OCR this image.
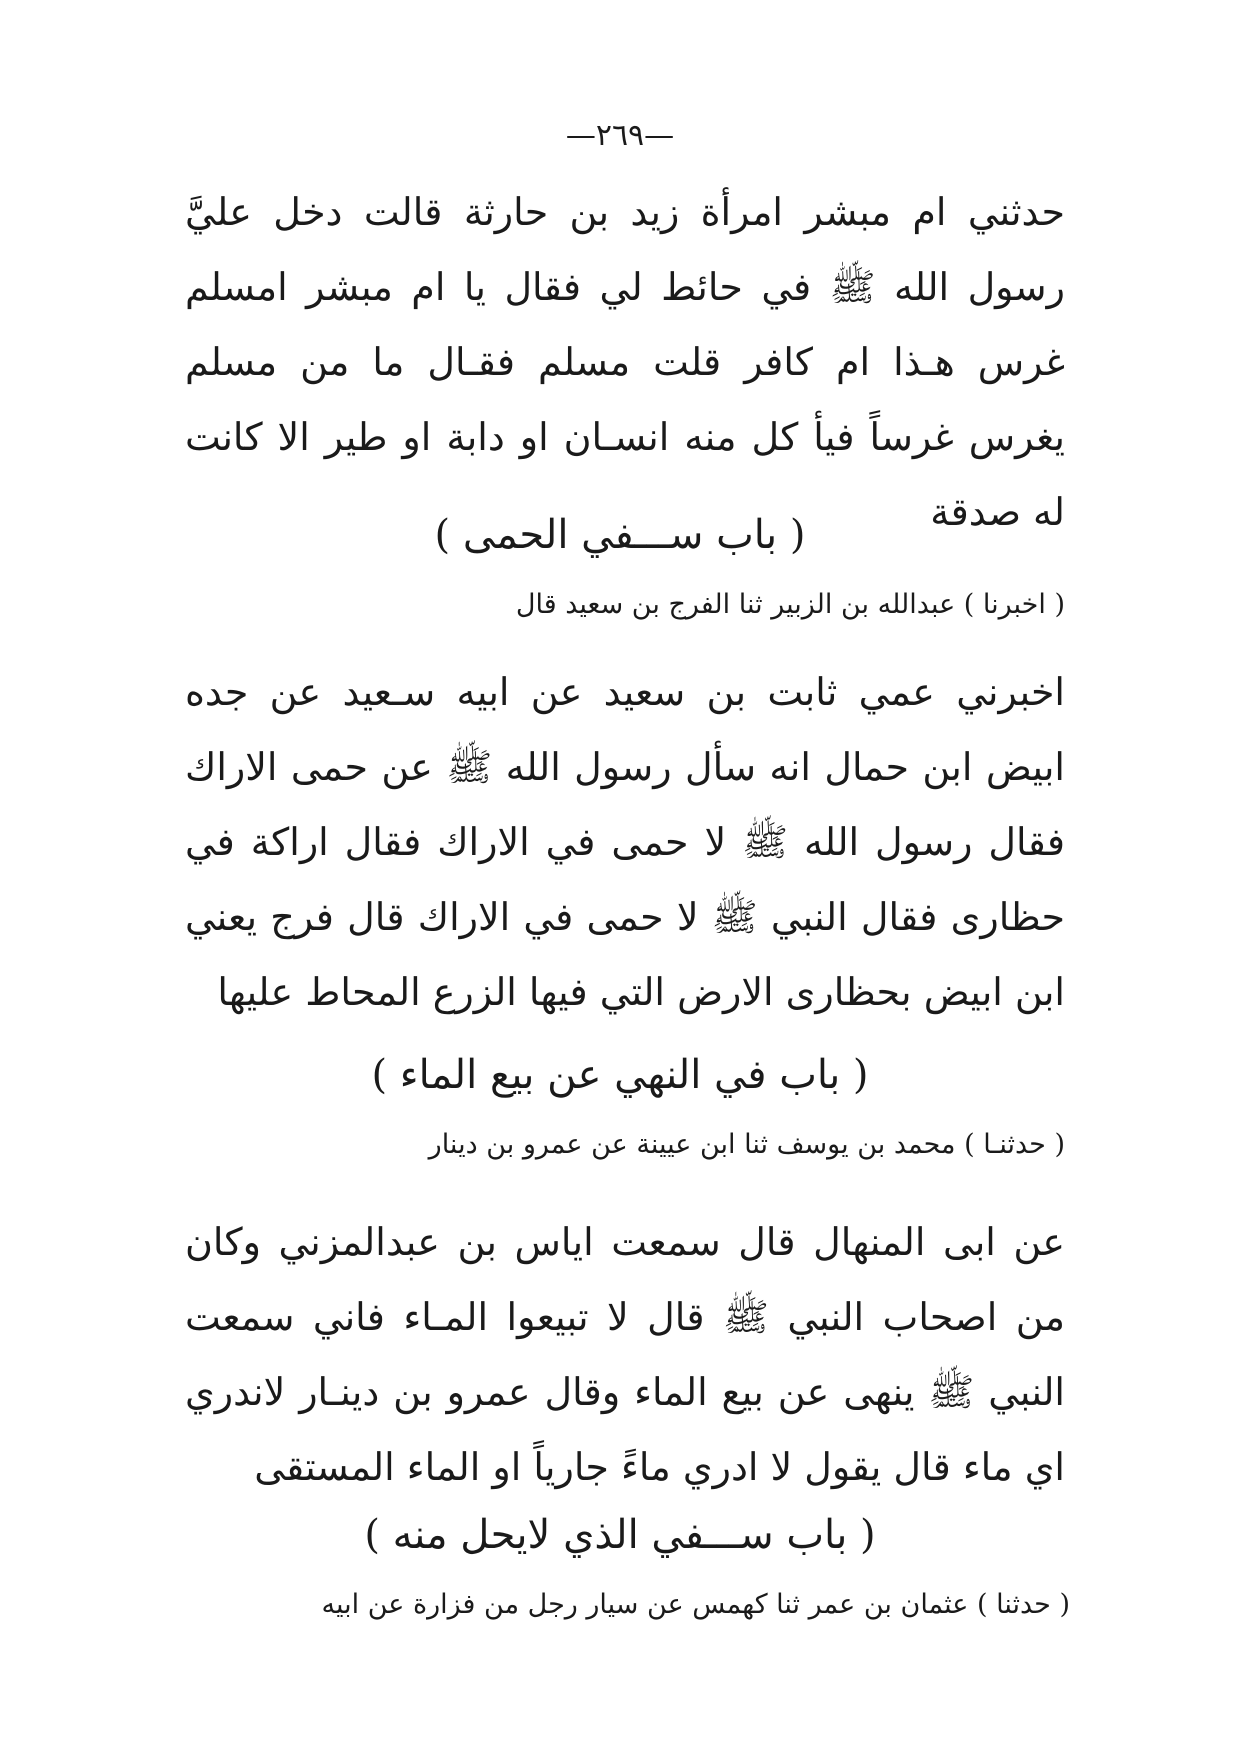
—٢٦٩—

حدثني ام مبشر امرأة زيد بن حارثة قالت دخل عليَّ رسول الله ﷺ في حائط لي فقال يا ام مبشر امسلم غرس هـذا ام كافر قلت مسلم فقـال ما من مسلم يغرس غرساً فيأ كل منه انسـان او دابة او طير الا كانت له صدقة

( باب ســـفي الحمى )
( اخبرنا ) عبدالله بن الزبير ثنا الفرج بن سعيد قال

اخبرني عمي ثابت بن سعيد عن ابيه سـعيد عن جده ابيض ابن حمال انه سأل رسول الله ﷺ عن حمى الاراك فقال رسول الله ﷺ لا حمى في الاراك فقال اراكة في حظارى فقال النبي ﷺ لا حمى في الاراك قال فرج يعني ابن ابيض بحظارى الارض التي فيها الزرع المحاط عليها

( باب في النهي عن بيع الماء )
( حدثنـا ) محمد بن يوسف ثنا ابن عيينة عن عمرو بن دينار

عن ابى المنهال قال سمعت اياس بن عبدالمزني وكان من اصحاب النبي ﷺ قال لا تبيعوا المـاء فاني سمعت النبي ﷺ ينهى عن بيع الماء وقال عمرو بن دينـار لاندري اي ماء قال يقول لا ادري ماءً جارياً او الماء المستقى

( باب ســـفي الذي لايحل منه )
( حدثنا ) عثمان بن عمر ثنا كهمس عن سيار رجل من فزارة عن ابيه
